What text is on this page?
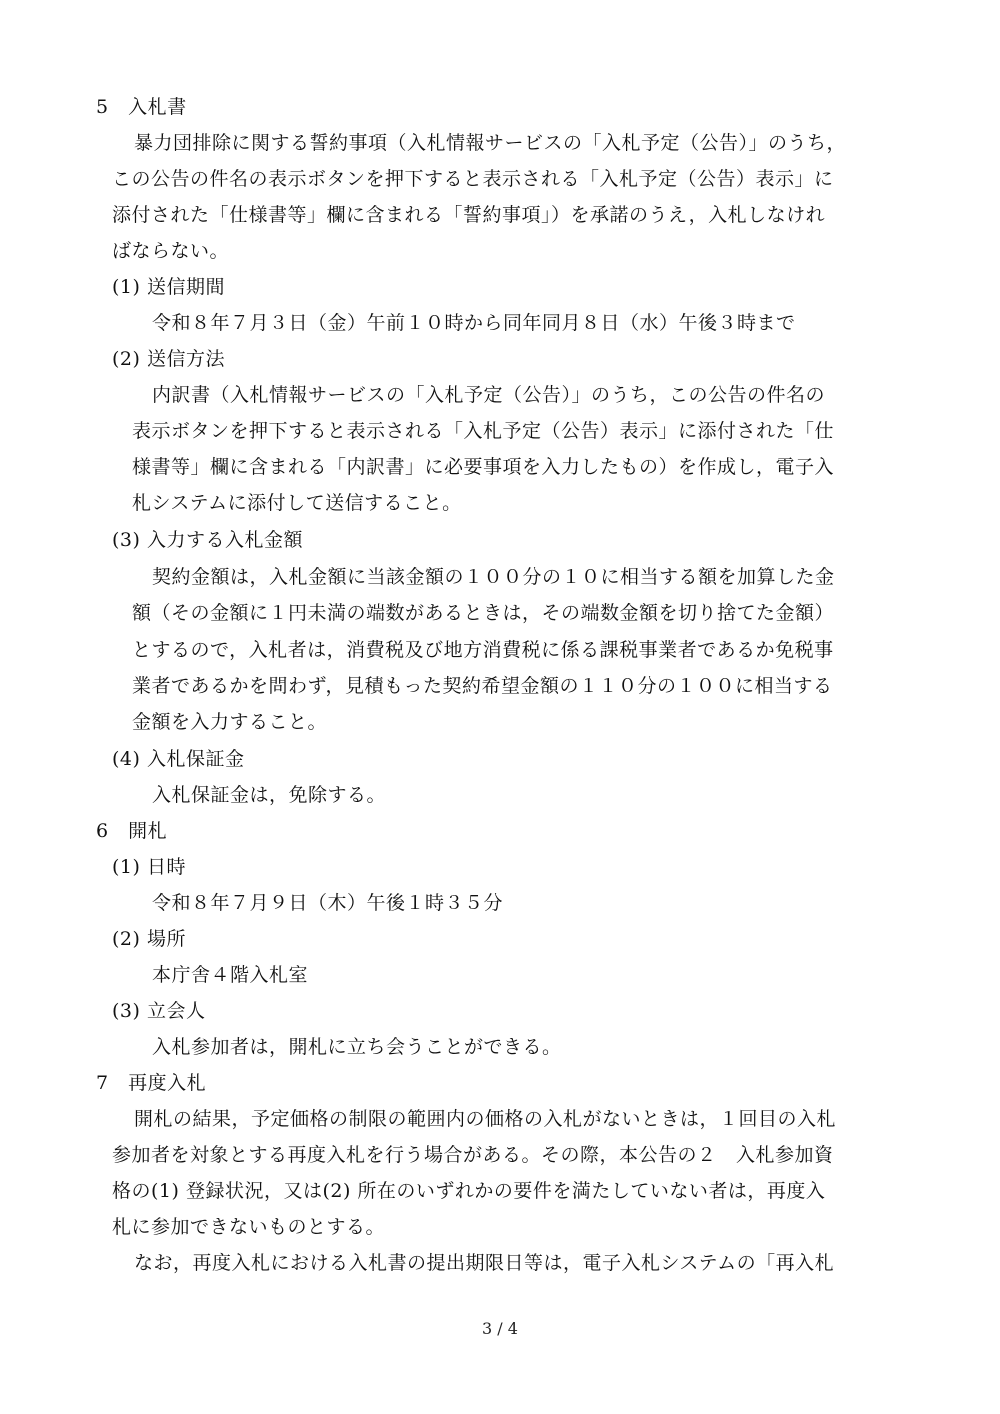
5　入札書
暴力団排除に関する誓約事項（入札情報サービスの「入札予定（公告）」のうち，
この公告の件名の表示ボタンを押下すると表示される「入札予定（公告）表示」に
添付された「仕様書等」欄に含まれる「誓約事項」）を承諾のうえ，入札しなけれ
ばならない。
(1) 送信期間
令和８年７月３日（金）午前１０時から同年同月８日（水）午後３時まで
(2) 送信方法
内訳書（入札情報サービスの「入札予定（公告）」のうち，この公告の件名の
表示ボタンを押下すると表示される「入札予定（公告）表示」に添付された「仕
様書等」欄に含まれる「内訳書」に必要事項を入力したもの）を作成し，電子入
札システムに添付して送信すること。
(3) 入力する入札金額
契約金額は，入札金額に当該金額の１００分の１０に相当する額を加算した金
額（その金額に１円未満の端数があるときは，その端数金額を切り捨てた金額）
とするので，入札者は，消費税及び地方消費税に係る課税事業者であるか免税事
業者であるかを問わず，見積もった契約希望金額の１１０分の１００に相当する
金額を入力すること。
(4) 入札保証金
入札保証金は，免除する。
6　開札
(1) 日時
令和８年７月９日（木）午後１時３５分
(2) 場所
本庁舎４階入札室
(3) 立会人
入札参加者は，開札に立ち会うことができる。
7　再度入札
開札の結果，予定価格の制限の範囲内の価格の入札がないときは，１回目の入札
参加者を対象とする再度入札を行う場合がある。その際，本公告の２　入札参加資
格の(1) 登録状況，又は(2) 所在のいずれかの要件を満たしていない者は，再度入
札に参加できないものとする。
なお，再度入札における入札書の提出期限日等は，電子入札システムの「再入札
3 / 4
